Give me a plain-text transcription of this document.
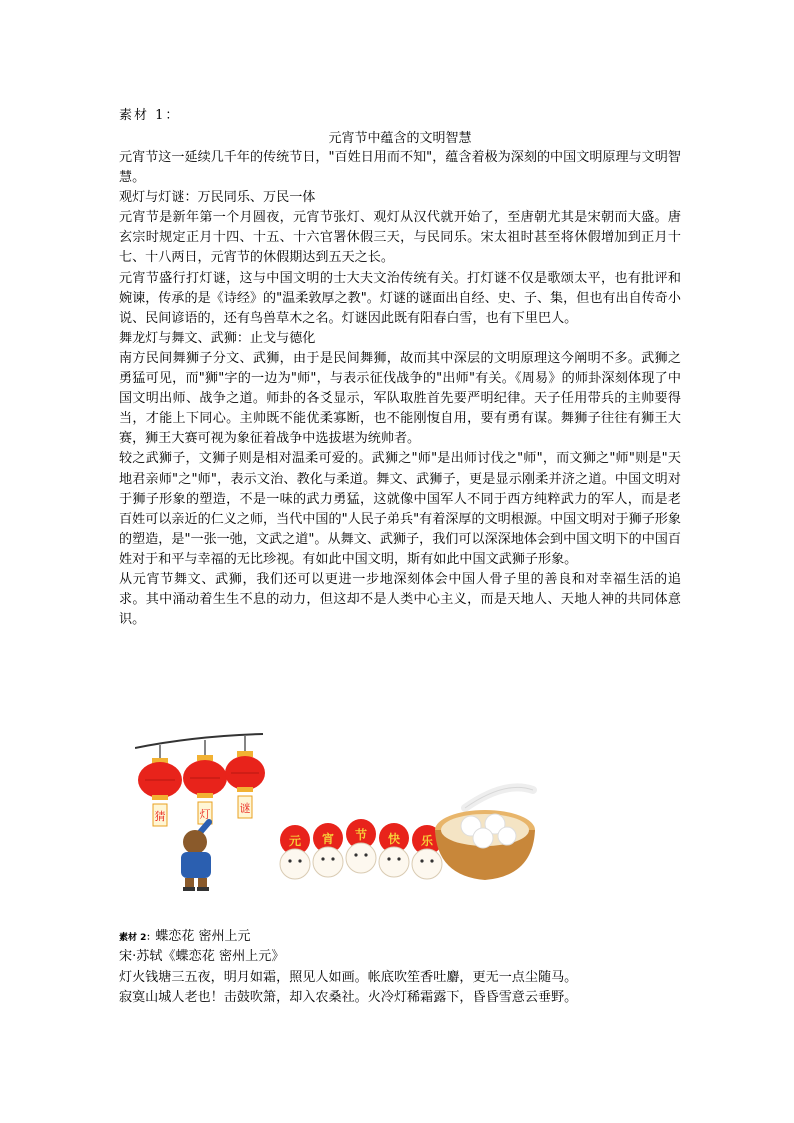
素材 1：
元宵节中蕴含的文明智慧

元宵节这一延续几千年的传统节日，"百姓日用而不知"，蕴含着极为深刻的中国文明原理与文明智慧。

观灯与灯谜：万民同乐、万民一体

元宵节是新年第一个月圆夜，元宵节张灯、观灯从汉代就开始了，至唐朝尤其是宋朝而大盛。唐玄宗时规定正月十四、十五、十六官署休假三天，与民同乐。宋太祖时甚至将休假增加到正月十七、十八两日，元宵节的休假期达到五天之长。

元宵节盛行打灯谜，这与中国文明的士大夫文治传统有关。打灯谜不仅是歌颂太平，也有批评和婉谏，传承的是《诗经》的"温柔敦厚之教"。灯谜的谜面出自经、史、子、集，但也有出自传奇小说、民间谚语的，还有鸟兽草木之名。灯谜因此既有阳春白雪，也有下里巴人。

舞龙灯与舞文、武狮：止戈与德化

南方民间舞狮子分文、武狮，由于是民间舞狮，故而其中深层的文明原理这今阐明不多。武狮之勇猛可见，而"狮"字的一边为"师"，与表示征伐战争的"出师"有关。《周易》的师卦深刻体现了中国文明出师、战争之道。师卦的各爻显示，军队取胜首先要严明纪律。天子任用带兵的主帅要得当，才能上下同心。主帅既不能优柔寡断，也不能刚愎自用，要有勇有谋。舞狮子往往有狮王大赛，狮王大赛可视为象征着战争中选拔堪为统帅者。

较之武狮子，文狮子则是相对温柔可爱的。武狮之"师"是出师讨伐之"师"，而文狮之"师"则是"天地君亲师"之"师"，表示文治、教化与柔道。舞文、武狮子，更是显示刚柔并济之道。中国文明对于狮子形象的塑造，不是一味的武力勇猛，这就像中国军人不同于西方纯粹武力的军人，而是老百姓可以亲近的仁义之师，当代中国的"人民子弟兵"有着深厚的文明根源。中国文明对于狮子形象的塑造，是"一张一弛，文武之道"。从舞文、武狮子，我们可以深深地体会到中国文明下的中国百姓对于和平与幸福的无比珍视。有如此中国文明，斯有如此中国文武狮子形象。

从元宵节舞文、武狮，我们还可以更进一步地深刻体会中国人骨子里的善良和对幸福生活的追求。其中涌动着生生不息的动力，但这却不是人类中心主义，而是天地人、天地人神的共同体意识。

猜	灯	谜
元 宵 节 快 乐
素材 2：蝶恋花 密州上元

宋·苏轼《蝶恋花 密州上元》

灯火钱塘三五夜，明月如霜，照见人如画。帐底吹笙香吐麝，更无一点尘随马。

寂寞山城人老也！击鼓吹箫，却入农桑社。火冷灯稀霜露下，昏昏雪意云垂野。
